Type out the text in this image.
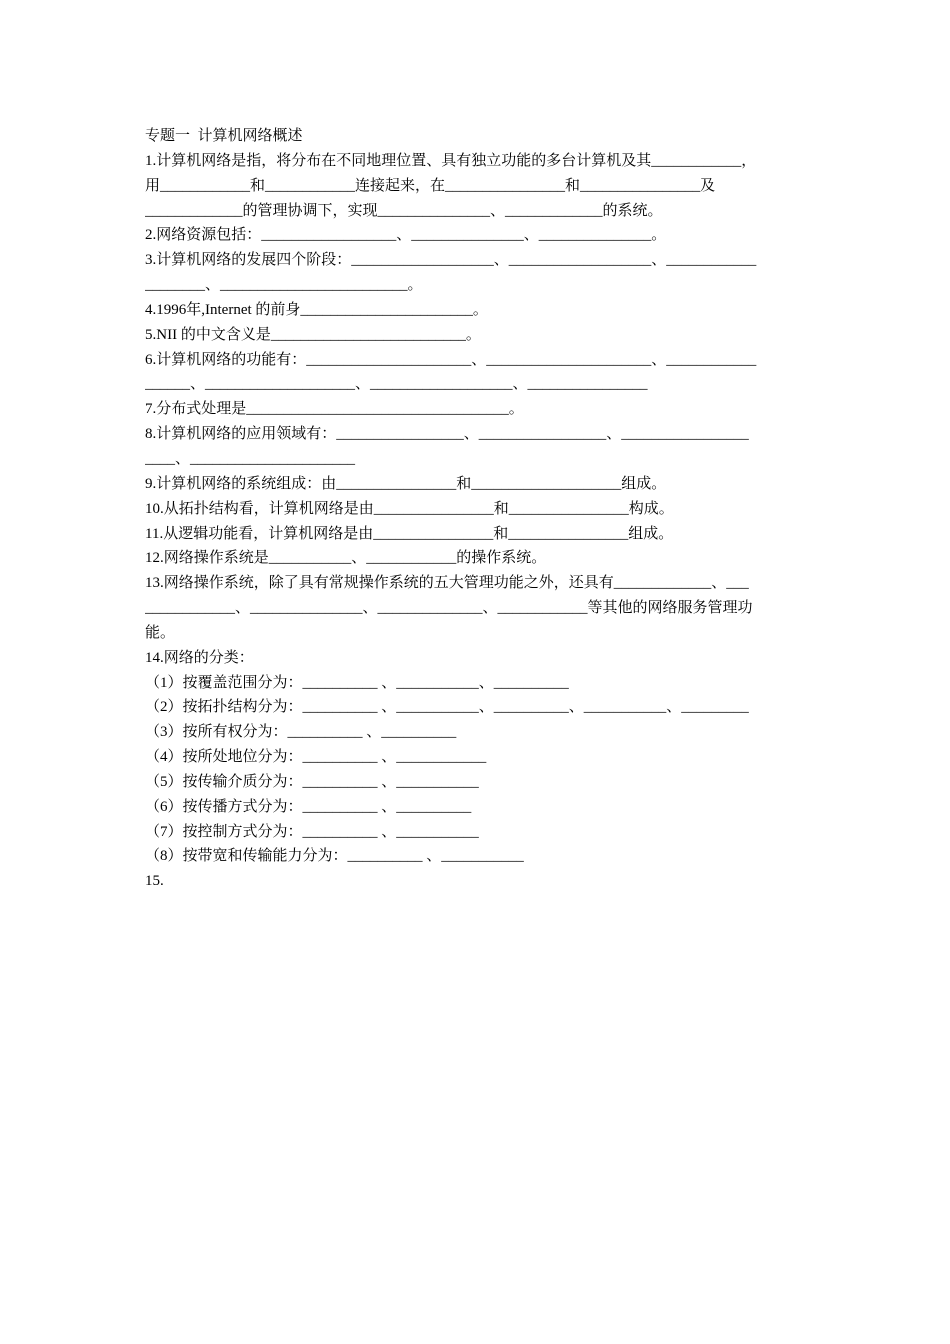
专题一  计算机网络概述
1.计算机网络是指，将分布在不同地理位置、具有独立功能的多台计算机及其____________，
用____________和____________连接起来，在________________和________________及
_____________的管理协调下，实现_______________、_____________的系统。
2.网络资源包括：__________________、_______________、_______________。
3.计算机网络的发展四个阶段：___________________、___________________、____________
________、_________________________。
4.1996年,Internet 的前身_______________________。
5.NII 的中文含义是__________________________。
6.计算机网络的功能有：______________________、______________________、____________
______、____________________、___________________、________________
7.分布式处理是___________________________________。
8.计算机网络的应用领域有：_________________、_________________、_________________
____、______________________
9.计算机网络的系统组成：由________________和____________________组成。
10.从拓扑结构看，计算机网络是由________________和________________构成。
11.从逻辑功能看，计算机网络是由________________和________________组成。
12.网络操作系统是___________、____________的操作系统。
13.网络操作系统，除了具有常规操作系统的五大管理功能之外，还具有_____________、___
____________、_______________、______________、____________等其他的网络服务管理功
能。
14.网络的分类：
（1）按覆盖范围分为：__________ 、___________、__________
（2）按拓扑结构分为：__________ 、___________、__________、___________、_________
（3）按所有权分为：__________ 、__________
（4）按所处地位分为：__________ 、____________
（5）按传输介质分为：__________ 、___________
（6）按传播方式分为：__________ 、__________
（7）按控制方式分为：__________ 、___________
（8）按带宽和传输能力分为：__________ 、___________
15.
